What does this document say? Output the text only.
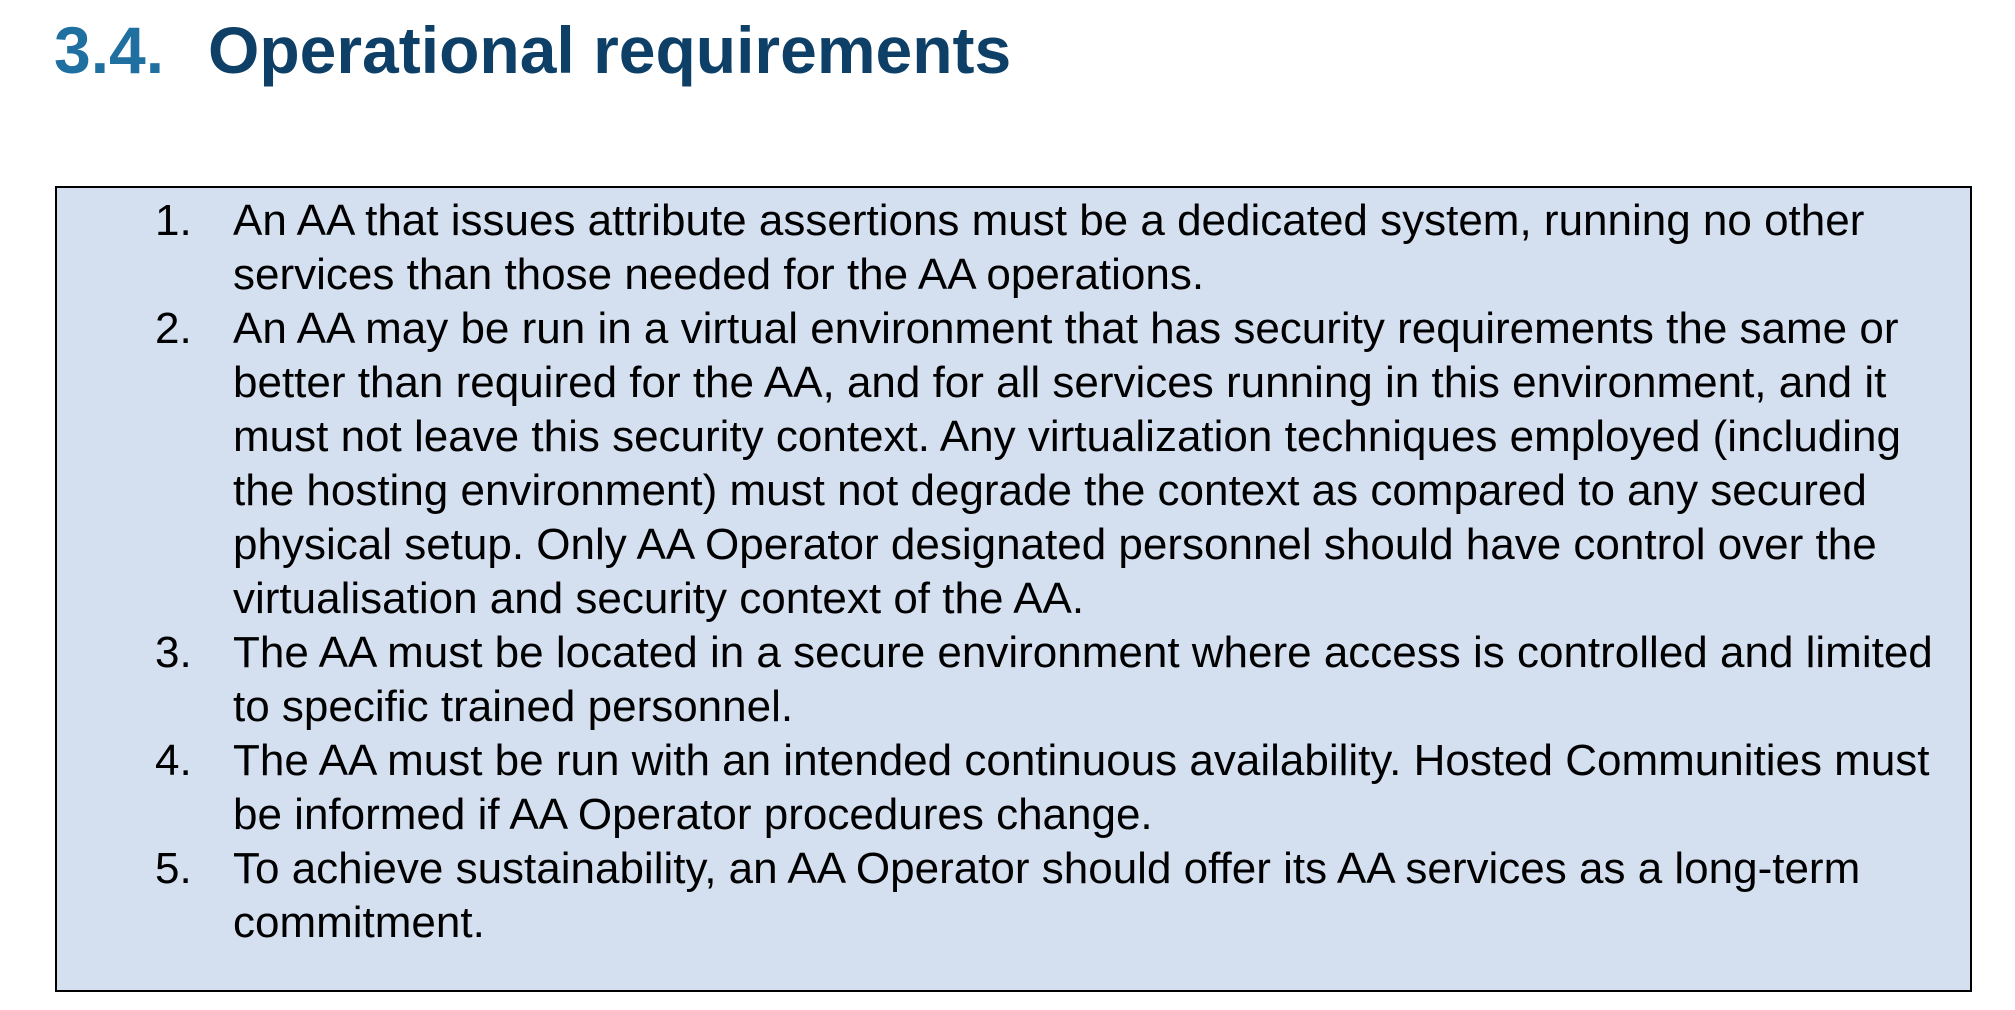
3.4. Operational requirements
1. An AA that issues attribute assertions must be a dedicated system, running no other services than those needed for the AA operations.
2. An AA may be run in a virtual environment that has security requirements the same or better than required for the AA, and for all services running in this environment, and it must not leave this security context. Any virtualization techniques employed (including the hosting environment) must not degrade the context as compared to any secured physical setup. Only AA Operator designated personnel should have control over the virtualisation and security context of the AA.
3. The AA must be located in a secure environment where access is controlled and limited to specific trained personnel.
4. The AA must be run with an intended continuous availability. Hosted Communities must be informed if AA Operator procedures change.
5. To achieve sustainability, an AA Operator should offer its AA services as a long-term commitment.
